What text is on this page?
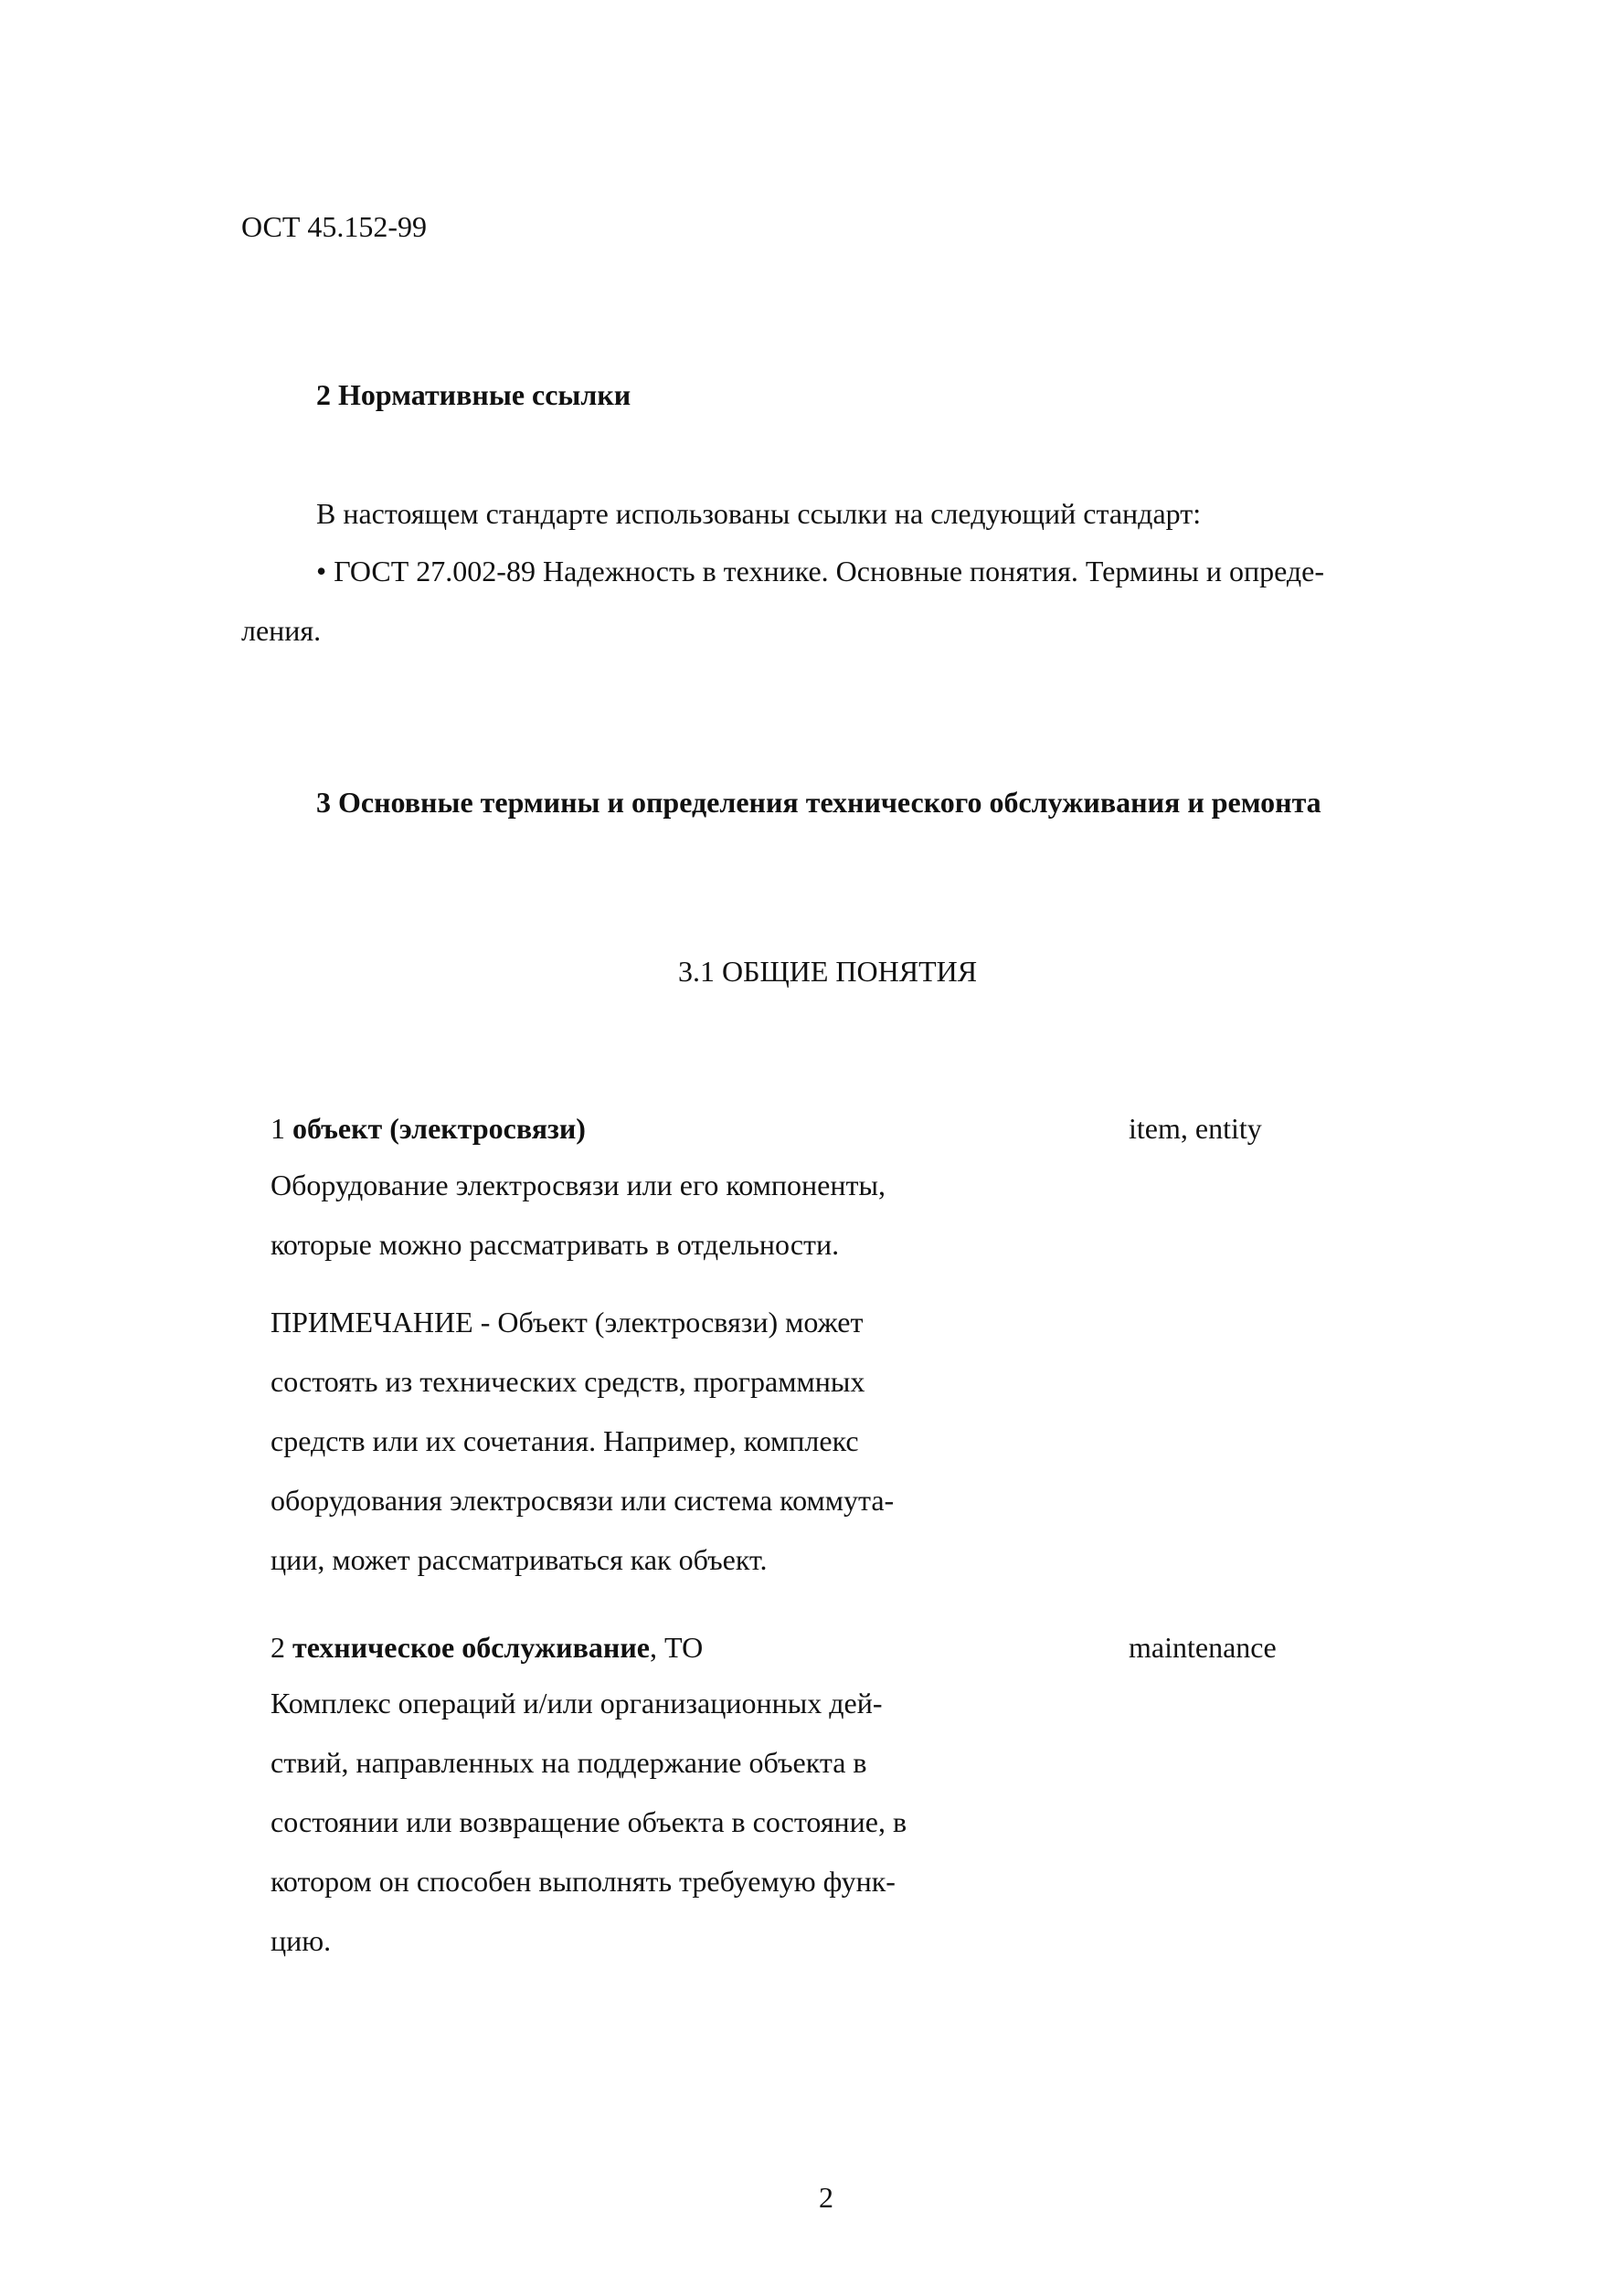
ОСТ 45.152-99
2 Нормативные ссылки
В настоящем стандарте использованы ссылки на следующий стандарт:
• ГОСТ 27.002-89 Надежность в технике. Основные понятия. Термины и опреде-
ления.
3 Основные термины и определения технического обслуживания и ремонта
3.1 ОБЩИЕ ПОНЯТИЯ
1 объект (электросвязи)	item, entity

Оборудование электросвязи или его компоненты,

которые можно рассматривать в отдельности.

ПРИМЕЧАНИЕ - Объект (электросвязи) может

состоять из технических средств, программных

средств или их сочетания. Например, комплекс

оборудования электросвязи или система коммута-

ции, может рассматриваться как объект.

2 техническое обслуживание, ТО	maintenance

Комплекс операций и/или организационных дей-

ствий, направленных на поддержание объекта в

состоянии или возвращение объекта в состояние, в

котором он способен выполнять требуемую функ-

цию.

2
